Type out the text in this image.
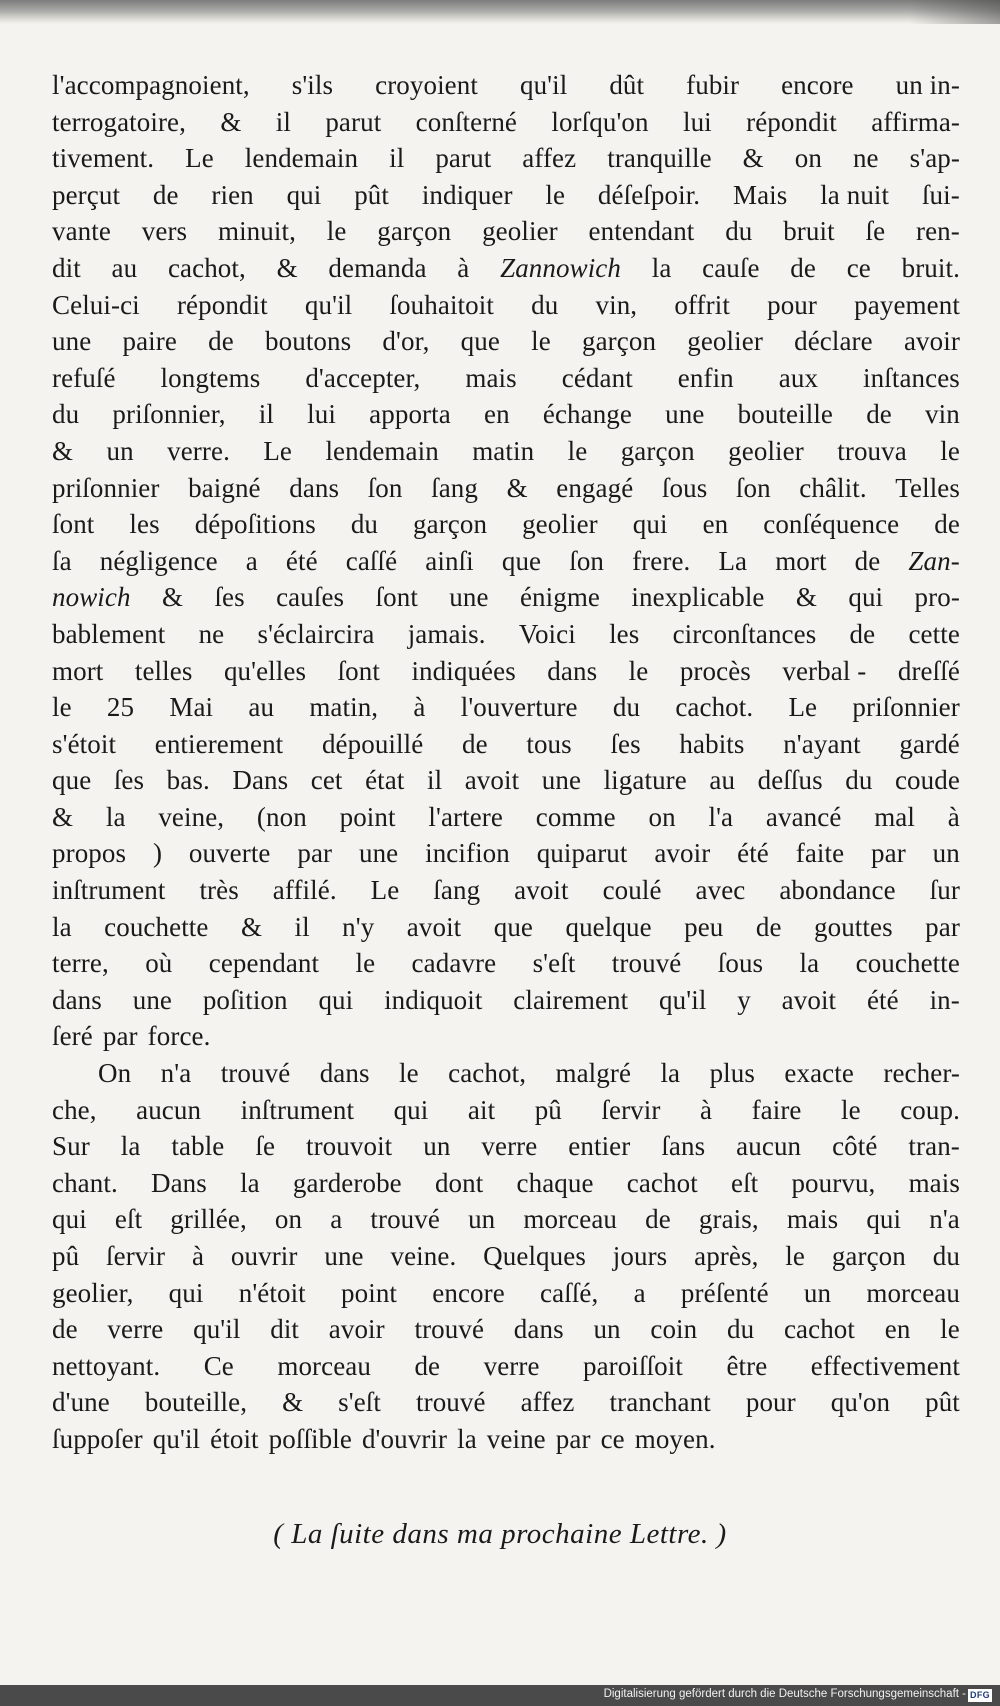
l'accompagnoient, s'ils croyoient qu'il dût fubir encore un in-
terrogatoire, & il parut conſterné lorſqu'on lui répondit affirma-
tivement. Le lendemain il parut affez tranquille & on ne s'ap-
perçut de rien qui pût indiquer le déſeſpoir. Mais la nuit ſui-
vante vers minuit, le garçon geolier entendant du bruit ſe ren-
dit au cachot, & demanda à Zannowich la cauſe de ce bruit.
Celui-ci répondit qu'il ſouhaitoit du vin, offrit pour payement
une paire de boutons d'or, que le garçon geolier déclare avoir
refuſé longtems d'accepter, mais cédant enfin aux inſtances
du priſonnier, il lui apporta en échange une bouteille de vin
& un verre. Le lendemain matin le garçon geolier trouva le
priſonnier baigné dans ſon ſang & engagé ſous ſon châlit. Telles
ſont les dépoſitions du garçon geolier qui en conſéquence de
ſa négligence a été caſſé ainſi que ſon frere. La mort de Zan-
nowich & ſes cauſes ſont une énigme inexplicable & qui pro-
bablement ne s'éclaircira jamais. Voici les circonſtances de cette
mort telles qu'elles ſont indiquées dans le procès verbal - dreſſé
le 25 Mai au matin, à l'ouverture du cachot. Le priſonnier
s'étoit entierement dépouillé de tous ſes habits n'ayant gardé
que ſes bas. Dans cet état il avoit une ligature au deſſus du coude
& la veine, (non point l'artere comme on l'a avancé mal à
propos ) ouverte par une incifion quiparut avoir été faite par un
inſtrument très affilé. Le ſang avoit coulé avec abondance ſur
la couchette & il n'y avoit que quelque peu de gouttes par
terre, où cependant le cadavre s'eſt trouvé ſous la couchette
dans une poſition qui indiquoit clairement qu'il y avoit été in-
ſeré par force.
On n'a trouvé dans le cachot, malgré la plus exacte recher-
che, aucun inſtrument qui ait pû ſervir à faire le coup.
Sur la table ſe trouvoit un verre entier ſans aucun côté tran-
chant. Dans la garderobe dont chaque cachot eſt pourvu, mais
qui eſt grillée, on a trouvé un morceau de grais, mais qui n'a
pû ſervir à ouvrir une veine. Quelques jours après, le garçon du
geolier, qui n'étoit point encore caſſé, a préſenté un morceau
de verre qu'il dit avoir trouvé dans un coin du cachot en le
nettoyant. Ce morceau de verre paroiſſoit être effectivement
d'une bouteille, & s'eſt trouvé affez tranchant pour qu'on pût
ſuppoſer qu'il étoit poſſible d'ouvrir la veine par ce moyen.
( La ſuite dans ma prochaine Lettre. )
Digitalisierung gefördert durch die Deutsche Forschungsgemeinschaft - DFG
